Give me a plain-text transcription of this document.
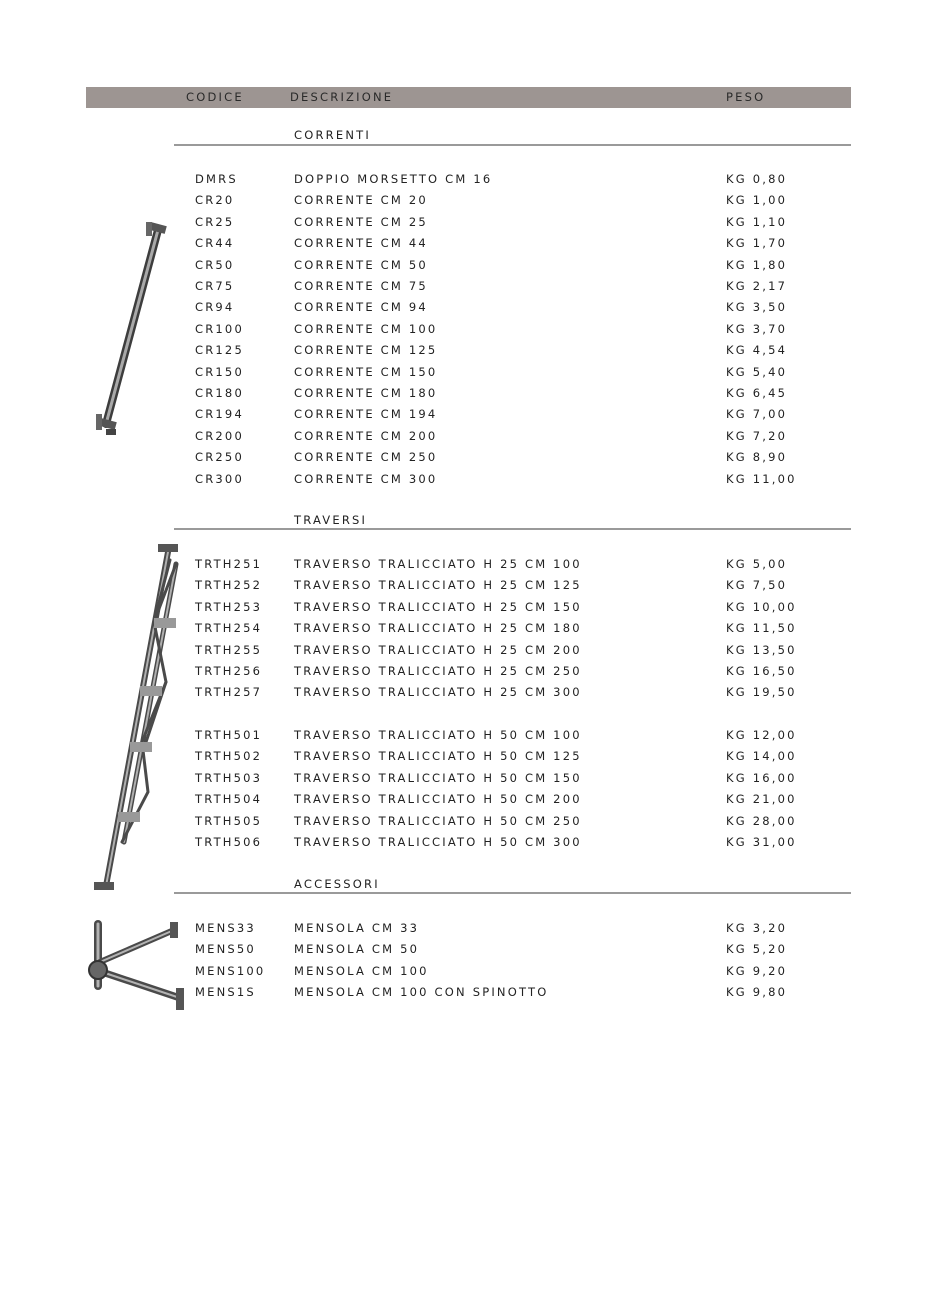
CODICE	DESCRIZIONE	PESO
CORRENTI
DMRS	DOPPIO MORSETTO CM 16	KG 0,80
CR20	CORRENTE CM 20	KG 1,00
CR25	CORRENTE CM 25	KG 1,10
CR44	CORRENTE CM 44	KG 1,70
CR50	CORRENTE CM 50	KG 1,80
CR75	CORRENTE CM 75	KG 2,17
CR94	CORRENTE CM 94	KG 3,50
CR100	CORRENTE CM 100	KG 3,70
CR125	CORRENTE CM 125	KG 4,54
CR150	CORRENTE CM 150	KG 5,40
CR180	CORRENTE CM 180	KG 6,45
CR194	CORRENTE CM 194	KG 7,00
CR200	CORRENTE CM 200	KG 7,20
CR250	CORRENTE CM 250	KG 8,90
CR300	CORRENTE CM 300	KG 11,00
TRAVERSI
TRTH251	TRAVERSO TRALICCIATO H 25 CM 100	KG 5,00
TRTH252	TRAVERSO TRALICCIATO H 25 CM 125	KG 7,50
TRTH253	TRAVERSO TRALICCIATO H 25 CM 150	KG 10,00
TRTH254	TRAVERSO TRALICCIATO H 25 CM 180	KG 11,50
TRTH255	TRAVERSO TRALICCIATO H 25 CM 200	KG 13,50
TRTH256	TRAVERSO TRALICCIATO H 25 CM 250	KG 16,50
TRTH257	TRAVERSO TRALICCIATO H 25 CM 300	KG 19,50
TRTH501	TRAVERSO TRALICCIATO H 50 CM 100	KG 12,00
TRTH502	TRAVERSO TRALICCIATO H 50 CM 125	KG 14,00
TRTH503	TRAVERSO TRALICCIATO H 50 CM 150	KG 16,00
TRTH504	TRAVERSO TRALICCIATO H 50 CM 200	KG 21,00
TRTH505	TRAVERSO TRALICCIATO H 50 CM 250	KG 28,00
TRTH506	TRAVERSO TRALICCIATO H 50 CM 300	KG 31,00
ACCESSORI
MENS33	MENSOLA CM 33	KG 3,20
MENS50	MENSOLA CM 50	KG 5,20
MENS100 MENSOLA CM 100	KG 9,20
MENS1S	MENSOLA CM 100 CON SPINOTTO	KG 9,80
